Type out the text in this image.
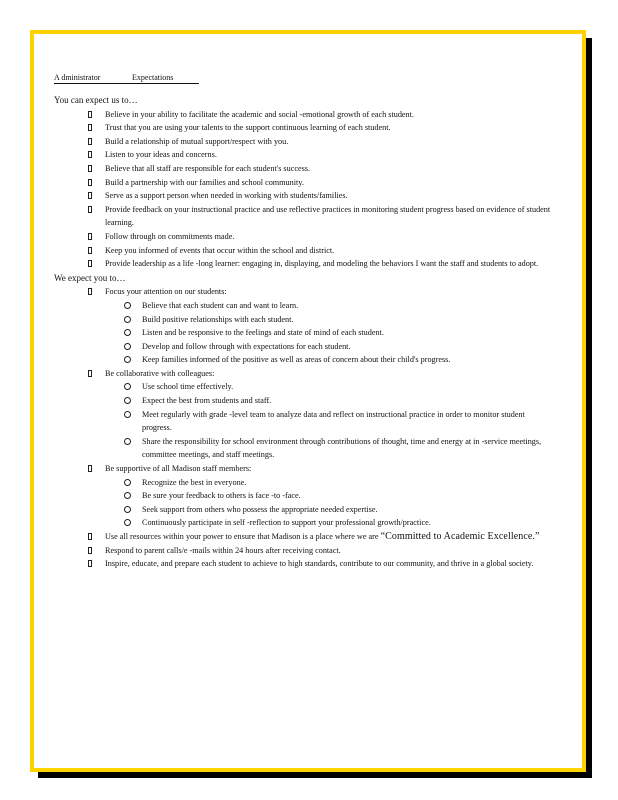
A dministrator	Expectations
You can expect us to…
Believe in your ability to facilitate the academic and social -emotional growth of each student.
Trust that you are using your talents to the support continuous learning of each student.
Build a relationship of mutual support/respect with you.
Listen to your ideas and concerns.
Believe that all staff are responsible for each student's success.
Build a partnership with our families and school community.
Serve as a support person when needed in working with students/families.
Provide feedback on your instructional practice and use reflective practices in monitoring student progress based on evidence of student learning.
Follow through on commitments made.
Keep you informed of events that occur within the school and district.
Provide leadership as a life -long learner: engaging in, displaying, and modeling the behaviors I want the staff and students to adopt.
We expect you to…
Focus your attention on our students:
Believe that each student can and want to learn.
Build positive relationships with each student.
Listen and be responsive to the feelings and state of mind of each student.
Develop and follow through with expectations for each student.
Keep families informed of the positive as well as areas of concern about their child's progress.
Be collaborative with colleagues:
Use school time effectively.
Expect the best from students and staff.
Meet regularly with grade -level team to analyze data and reflect on instructional practice in order to monitor student progress.
Share the responsibility for school environment through contributions of thought, time and energy at in -service meetings, committee meetings, and staff meetings.
Be supportive of all Madison staff members:
Recognize the best in everyone.
Be sure your feedback to others is face -to -face.
Seek support from others who possess the appropriate needed expertise.
Continuously participate in self -reflection to support your professional growth/practice.
Use all resources within your power to ensure that Madison is a place where we are “Committed to Academic Excellence.”
Respond to parent calls/e -mails within 24 hours after receiving contact.
Inspire, educate, and prepare each student to achieve to high standards, contribute to our community, and thrive in a global society.
